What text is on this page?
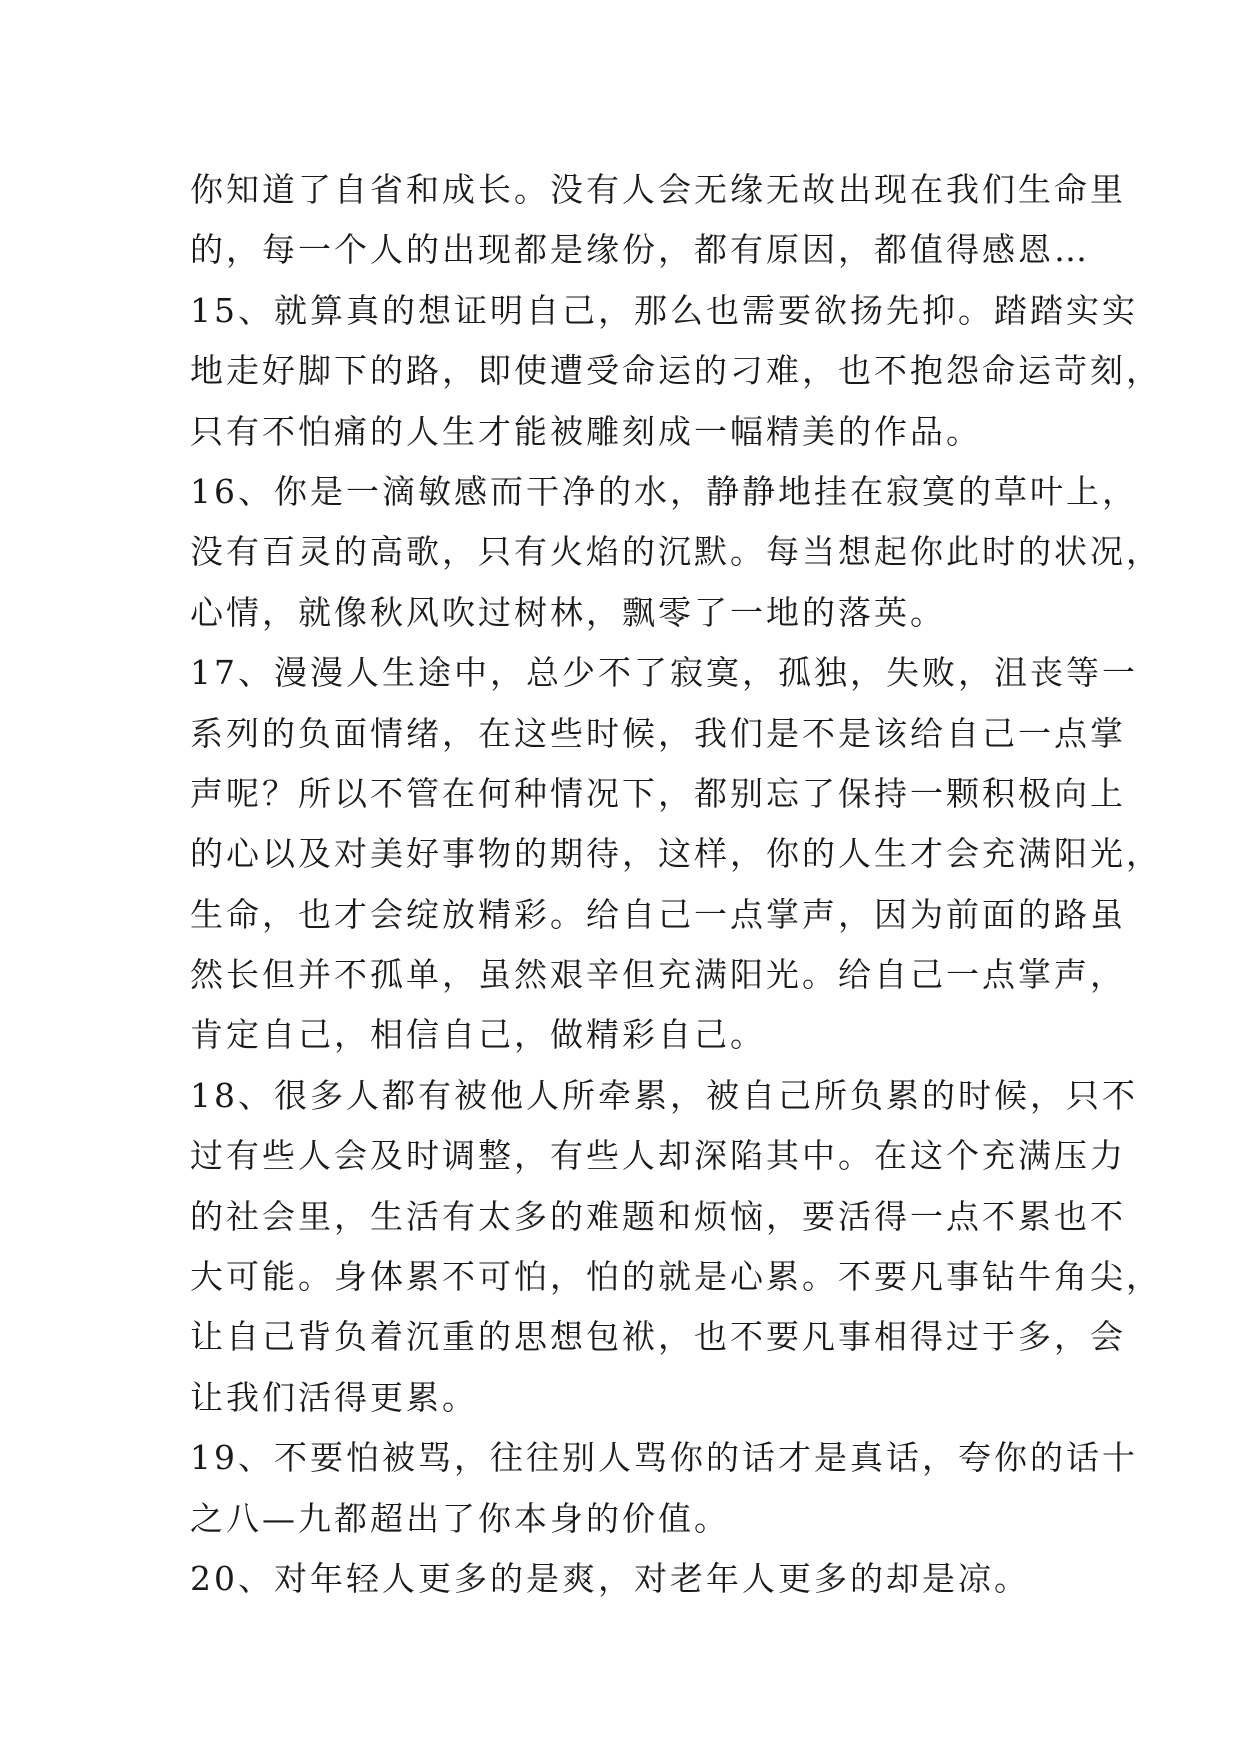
你知道了自省和成长。没有人会无缘无故出现在我们生命里
的，每一个人的出现都是缘份，都有原因，都值得感恩…
15、就算真的想证明自己，那么也需要欲扬先抑。踏踏实实
地走好脚下的路，即使遭受命运的刁难，也不抱怨命运苛刻，
只有不怕痛的人生才能被雕刻成一幅精美的作品。
16、你是一滴敏感而干净的水，静静地挂在寂寞的草叶上，
没有百灵的高歌，只有火焰的沉默。每当想起你此时的状况，
心情，就像秋风吹过树林，飘零了一地的落英。
17、漫漫人生途中，总少不了寂寞，孤独，失败，沮丧等一
系列的负面情绪，在这些时候，我们是不是该给自己一点掌
声呢？所以不管在何种情况下，都别忘了保持一颗积极向上
的心以及对美好事物的期待，这样，你的人生才会充满阳光，
生命，也才会绽放精彩。给自己一点掌声，因为前面的路虽
然长但并不孤单，虽然艰辛但充满阳光。给自己一点掌声，
肯定自己，相信自己，做精彩自己。
18、很多人都有被他人所牵累，被自己所负累的时候，只不
过有些人会及时调整，有些人却深陷其中。在这个充满压力
的社会里，生活有太多的难题和烦恼，要活得一点不累也不
大可能。身体累不可怕，怕的就是心累。不要凡事钻牛角尖，
让自己背负着沉重的思想包袱，也不要凡事相得过于多，会
让我们活得更累。
19、不要怕被骂，往往别人骂你的话才是真话，夸你的话十
之八—九都超出了你本身的价值。
20、对年轻人更多的是爽，对老年人更多的却是凉。
